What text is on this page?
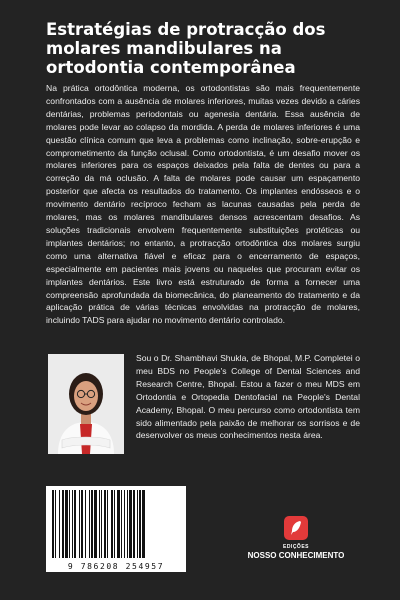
Estratégias de protracção dos molares mandibulares na ortodontia contemporânea

Na prática ortodôntica moderna, os ortodontistas são mais frequentemente confrontados com a ausência de molares inferiores, muitas vezes devido a cáries dentárias, problemas periodontais ou agenesia dentária. Essa ausência de molares pode levar ao colapso da mordida. A perda de molares inferiores é uma questão clínica comum que leva a problemas como inclinação, sobre-erupção e comprometimento da função oclusal. Como ortodontista, é um desafio mover os molares inferiores para os espaços deixados pela falta de dentes ou para a correção da má oclusão. A falta de molares pode causar um espaçamento posterior que afecta os resultados do tratamento. Os implantes endósseos e o movimento dentário recíproco fecham as lacunas causadas pela perda de molares, mas os molares mandibulares densos acrescentam desafios. As soluções tradicionais envolvem frequentemente substituições protéticas ou implantes dentários; no entanto, a protracção ortodôntica dos molares surgiu como uma alternativa fiável e eficaz para o encerramento de espaços, especialmente em pacientes mais jovens ou naqueles que procuram evitar os implantes dentários. Este livro está estruturado de forma a fornecer uma compreensão aprofundada da biomecânica, do planeamento do tratamento e da aplicação prática de várias técnicas envolvidas na protracção de molares, incluindo TADS para ajudar no movimento dentário controlado.

Sou o Dr. Shambhavi Shukla, de Bhopal, M.P. Completei o meu BDS no People's College of Dental Sciences and Research Centre, Bhopal. Estou a fazer o meu MDS em Ortodontia e Ortopedia Dentofacial na People's Dental Academy, Bhopal. O meu percurso como ortodontista tem sido alimentado pela paixão de melhorar os sorrisos e de desenvolver os meus conhecimentos nesta área.

9 786208 254957
EDIÇÕES
NOSSO CONHECIMENTO
